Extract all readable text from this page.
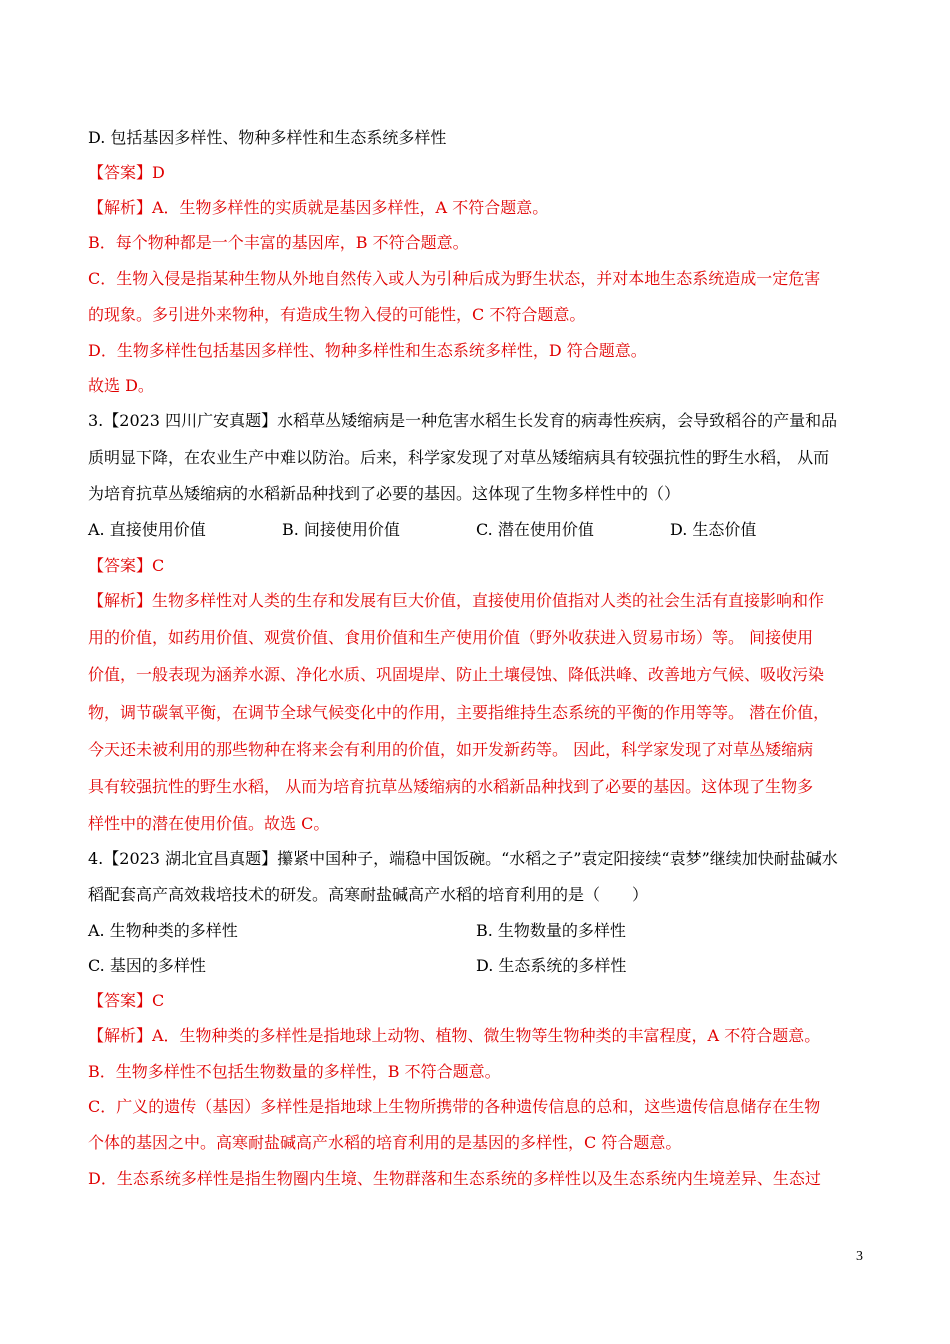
D. 包括基因多样性、物种多样性和生态系统多样性
【答案】D
【解析】A．生物多样性的实质就是基因多样性，A 不符合题意。
B．每个物种都是一个丰富的基因库，B 不符合题意。
C．生物入侵是指某种生物从外地自然传入或人为引种后成为野生状态，并对本地生态系统造成一定危害
的现象。多引进外来物种，有造成生物入侵的可能性，C 不符合题意。
D．生物多样性包括基因多样性、物种多样性和生态系统多样性，D 符合题意。
故选 D。
3.【2023 四川广安真题】水稻草丛矮缩病是一种危害水稻生长发育的病毒性疾病，会导致稻谷的产量和品
质明显下降，在农业生产中难以防治。后来，科学家发现了对草丛矮缩病具有较强抗性的野生水稻， 从而
为培育抗草丛矮缩病的水稻新品种找到了必要的基因。这体现了生物多样性中的（）
A. 直接使用价值	B. 间接使用价值	C. 潜在使用价值	D. 生态价值
【答案】C
【解析】生物多样性对人类的生存和发展有巨大价值，直接使用价值指对人类的社会生活有直接影响和作
用的价值，如药用价值、观赏价值、食用价值和生产使用价值（野外收获进入贸易市场）等。 间接使用
价值，一般表现为涵养水源、净化水质、巩固堤岸、防止土壤侵蚀、降低洪峰、改善地方气候、吸收污染
物，调节碳氧平衡，在调节全球气候变化中的作用，主要指维持生态系统的平衡的作用等等。 潜在价值，
今天还未被利用的那些物种在将来会有利用的价值，如开发新药等。 因此，科学家发现了对草丛矮缩病
具有较强抗性的野生水稻， 从而为培育抗草丛矮缩病的水稻新品种找到了必要的基因。这体现了生物多
样性中的潜在使用价值。故选 C。
4.【2023 湖北宜昌真题】攥紧中国种子，端稳中国饭碗。“水稻之子”袁定阳接续“袁梦”继续加快耐盐碱水
稻配套高产高效栽培技术的研发。高寒耐盐碱高产水稻的培育利用的是（　　）
A. 生物种类的多样性	B. 生物数量的多样性
C. 基因的多样性	D. 生态系统的多样性
【答案】C
【解析】A．生物种类的多样性是指地球上动物、植物、微生物等生物种类的丰富程度，A 不符合题意。
B．生物多样性不包括生物数量的多样性，B 不符合题意。
C．广义的遗传（基因）多样性是指地球上生物所携带的各种遗传信息的总和，这些遗传信息储存在生物
个体的基因之中。高寒耐盐碱高产水稻的培育利用的是基因的多样性，C 符合题意。
D．生态系统多样性是指生物圈内生境、生物群落和生态系统的多样性以及生态系统内生境差异、生态过
3
